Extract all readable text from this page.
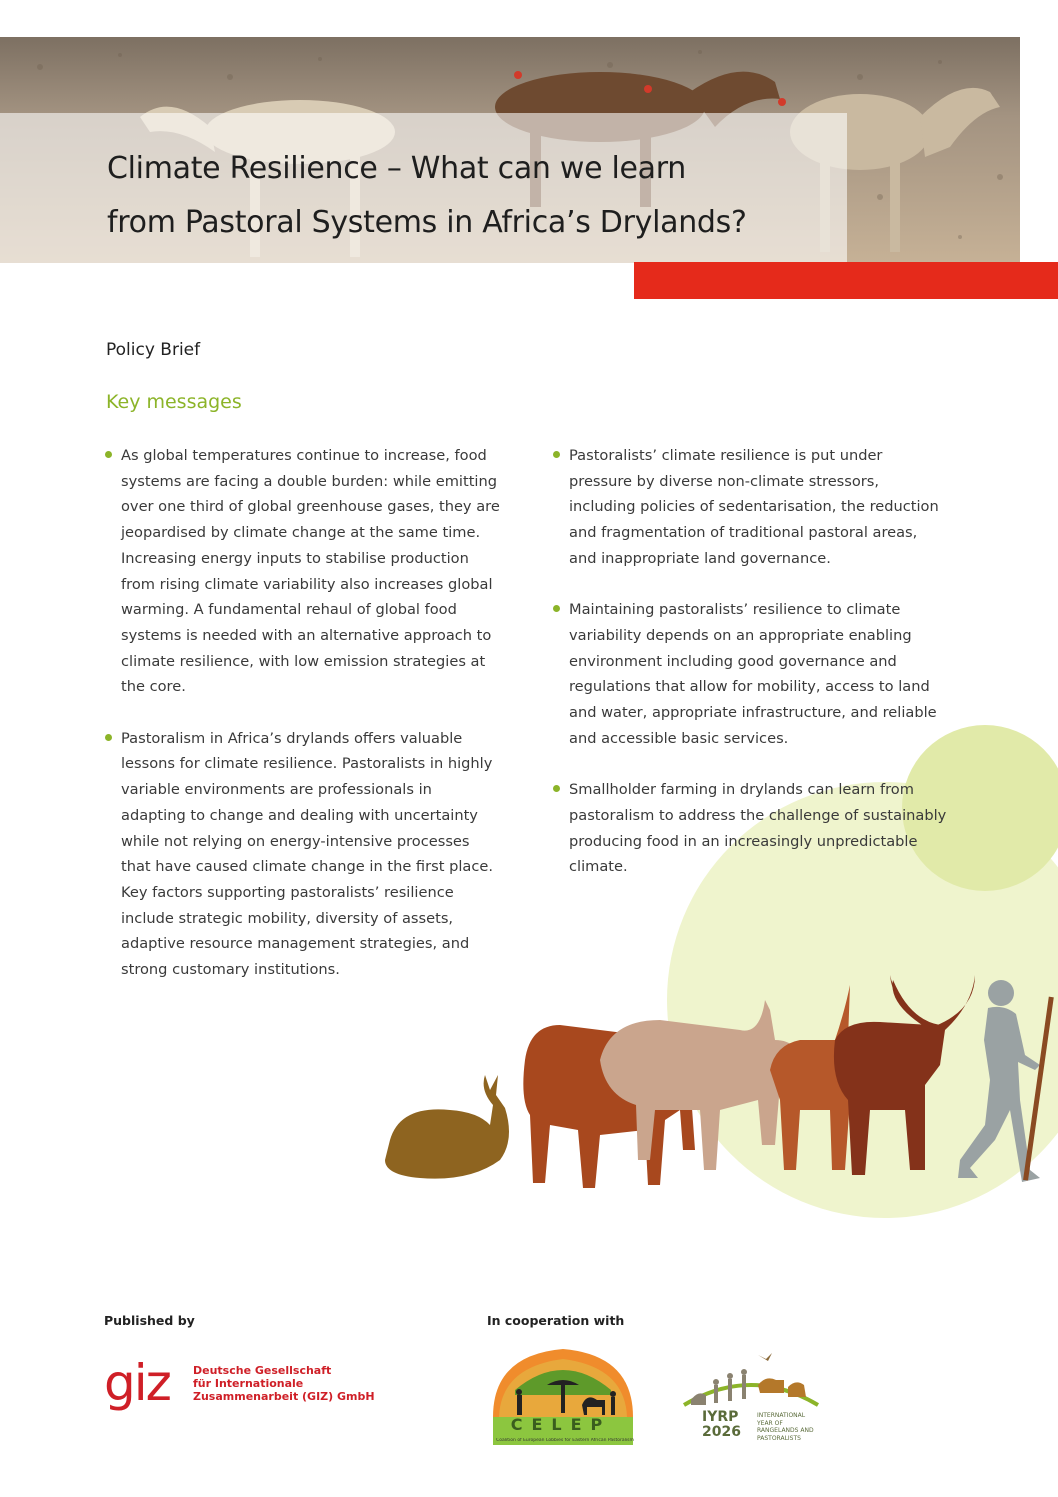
Climate Resilience – What can we learn
from Pastoral Systems in Africa’s Drylands?

Policy Brief

Key messages

As global temperatures continue to increase, food systems are facing a double burden: while emitting over one third of global greenhouse gases, they are jeopardised by climate change at the same time. Increasing energy inputs to stabilise production from rising climate variability also increases global warming. A fundamental rehaul of global food systems is needed with an alternative approach to climate resilience, with low emission strategies at the core.

Pastoralism in Africa’s drylands offers valuable lessons for climate resilience. Pastoralists in highly variable environments are professionals in adapting to change and dealing with uncertainty while not relying on energy-intensive processes that have caused climate change in the first place. Key factors supporting pastoralists’ resilience include strategic mobility, diversity of assets, adaptive resource management strategies, and strong customary institutions.

Pastoralists’ climate resilience is put under pressure by diverse non-climate stressors, including policies of sedentarisation, the reduction and fragmentation of traditional pastoral areas, and inappropriate land governance.

Maintaining pastoralists’ resilience to climate variability depends on an appropriate enabling environment including good governance and regulations that allow for mobility, access to land and water, appropriate infrastructure, and reliable and accessible basic services.

Smallholder farming in drylands can learn from pastoralism to address the challenge of sustainably producing food in an increasingly unpredictable climate.

Published by	In cooperation with

giz Deutsche Gesellschaft
für Internationale
Zusammenarbeit (GIZ) GmbH
CELEP
Coalition of European Lobbies for Eastern African Pastoralism
IYRP
2026
INTERNATIONAL
YEAR OF
RANGELANDS AND
PASTORALISTS
